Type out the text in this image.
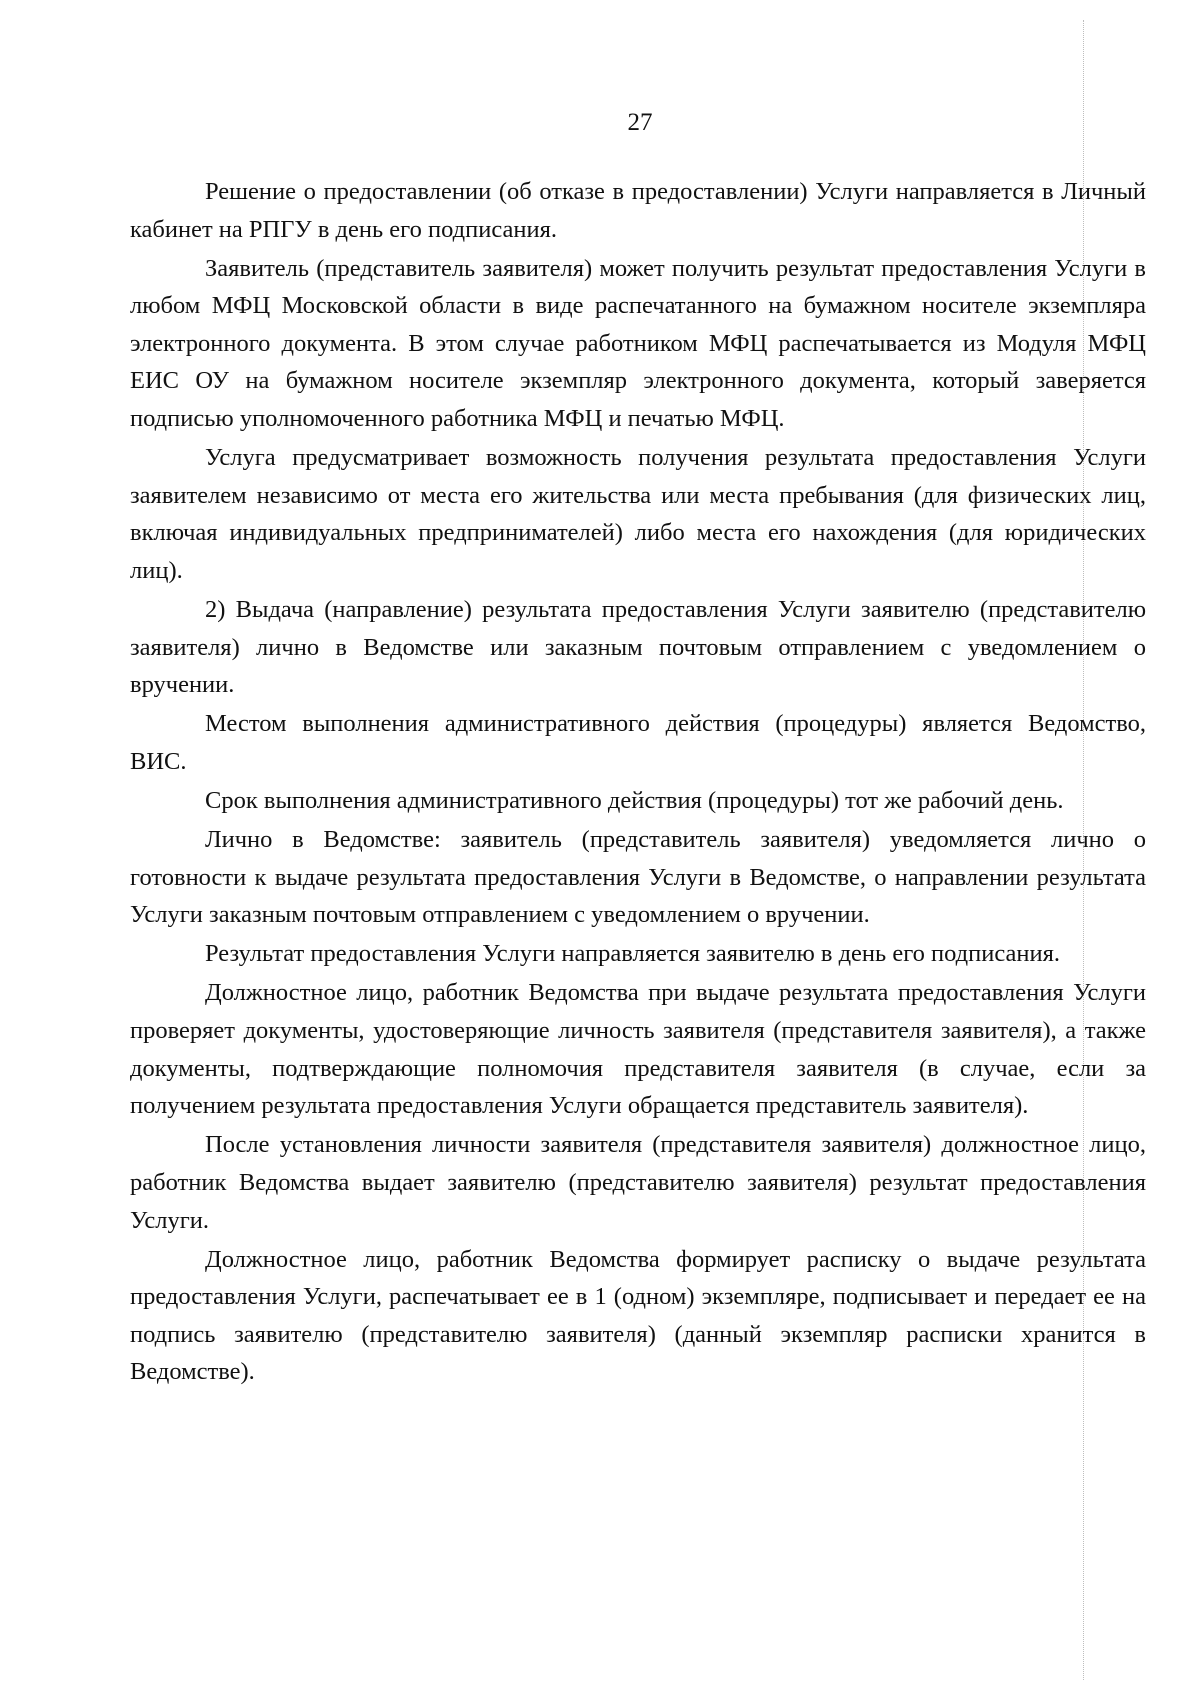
27

Решение о предоставлении (об отказе в предоставлении) Услуги направляется в Личный кабинет на РПГУ в день его подписания.

Заявитель (представитель заявителя) может получить результат предоставления Услуги в любом МФЦ Московской области в виде распечатанного на бумажном носителе экземпляра электронного документа. В этом случае работником МФЦ распечатывается из Модуля МФЦ ЕИС ОУ на бумажном носителе экземпляр электронного документа, который заверяется подписью уполномоченного работника МФЦ и печатью МФЦ.

Услуга предусматривает возможность получения результата предоставления Услуги заявителем независимо от места его жительства или места пребывания (для физических лиц, включая индивидуальных предпринимателей) либо места его нахождения (для юридических лиц).

2) Выдача (направление) результата предоставления Услуги заявителю (представителю заявителя) лично в Ведомстве или заказным почтовым отправлением с уведомлением о вручении.

Местом выполнения административного действия (процедуры) является Ведомство, ВИС.

Срок выполнения административного действия (процедуры) тот же рабочий день.

Лично в Ведомстве: заявитель (представитель заявителя) уведомляется лично о готовности к выдаче результата предоставления Услуги в Ведомстве, о направлении результата Услуги заказным почтовым отправлением с уведомлением о вручении.

Результат предоставления Услуги направляется заявителю в день его подписания.

Должностное лицо, работник Ведомства при выдаче результата предоставления Услуги проверяет документы, удостоверяющие личность заявителя (представителя заявителя), а также документы, подтверждающие полномочия представителя заявителя (в случае, если за получением результата предоставления Услуги обращается представитель заявителя).

После установления личности заявителя (представителя заявителя) должностное лицо, работник Ведомства выдает заявителю (представителю заявителя) результат предоставления Услуги.

Должностное лицо, работник Ведомства формирует расписку о выдаче результата предоставления Услуги, распечатывает ее в 1 (одном) экземпляре, подписывает и передает ее на подпись заявителю (представителю заявителя) (данный экземпляр расписки хранится в Ведомстве).
